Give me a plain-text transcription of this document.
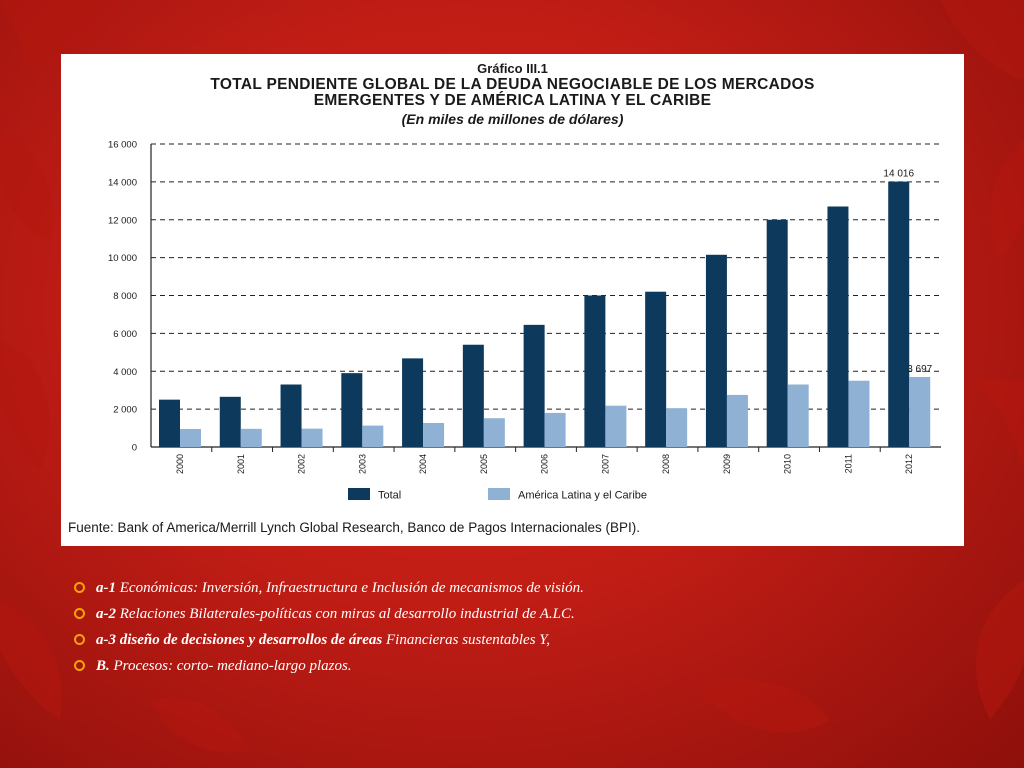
Gráfico III.1
TOTAL PENDIENTE GLOBAL DE LA DEUDA NEGOCIABLE DE LOS MERCADOS
EMERGENTES Y DE AMÉRICA LATINA Y EL CARIBE
(En miles de millones de dólares)
0
2 000
4 000
6 000
8 000
10 000
12 000
14 000
16 000
2000	2001	2002	2003	2004	2005	2006	2007	2008	2009	2010	2011	2012
14 016
3 697
Total	América Latina y el Caribe
Fuente: Bank of America/Merrill Lynch Global Research, Banco de Pagos Internacionales (BPI).
a-1 Económicas: Inversión, Infraestructura e Inclusión de mecanismos de visión.
a-2 Relaciones Bilaterales-políticas con miras al desarrollo industrial de A.LC.
a-3 diseño de decisiones y desarrollos de áreas Financieras sustentables Y,
B. Procesos: corto- mediano-largo plazos.
